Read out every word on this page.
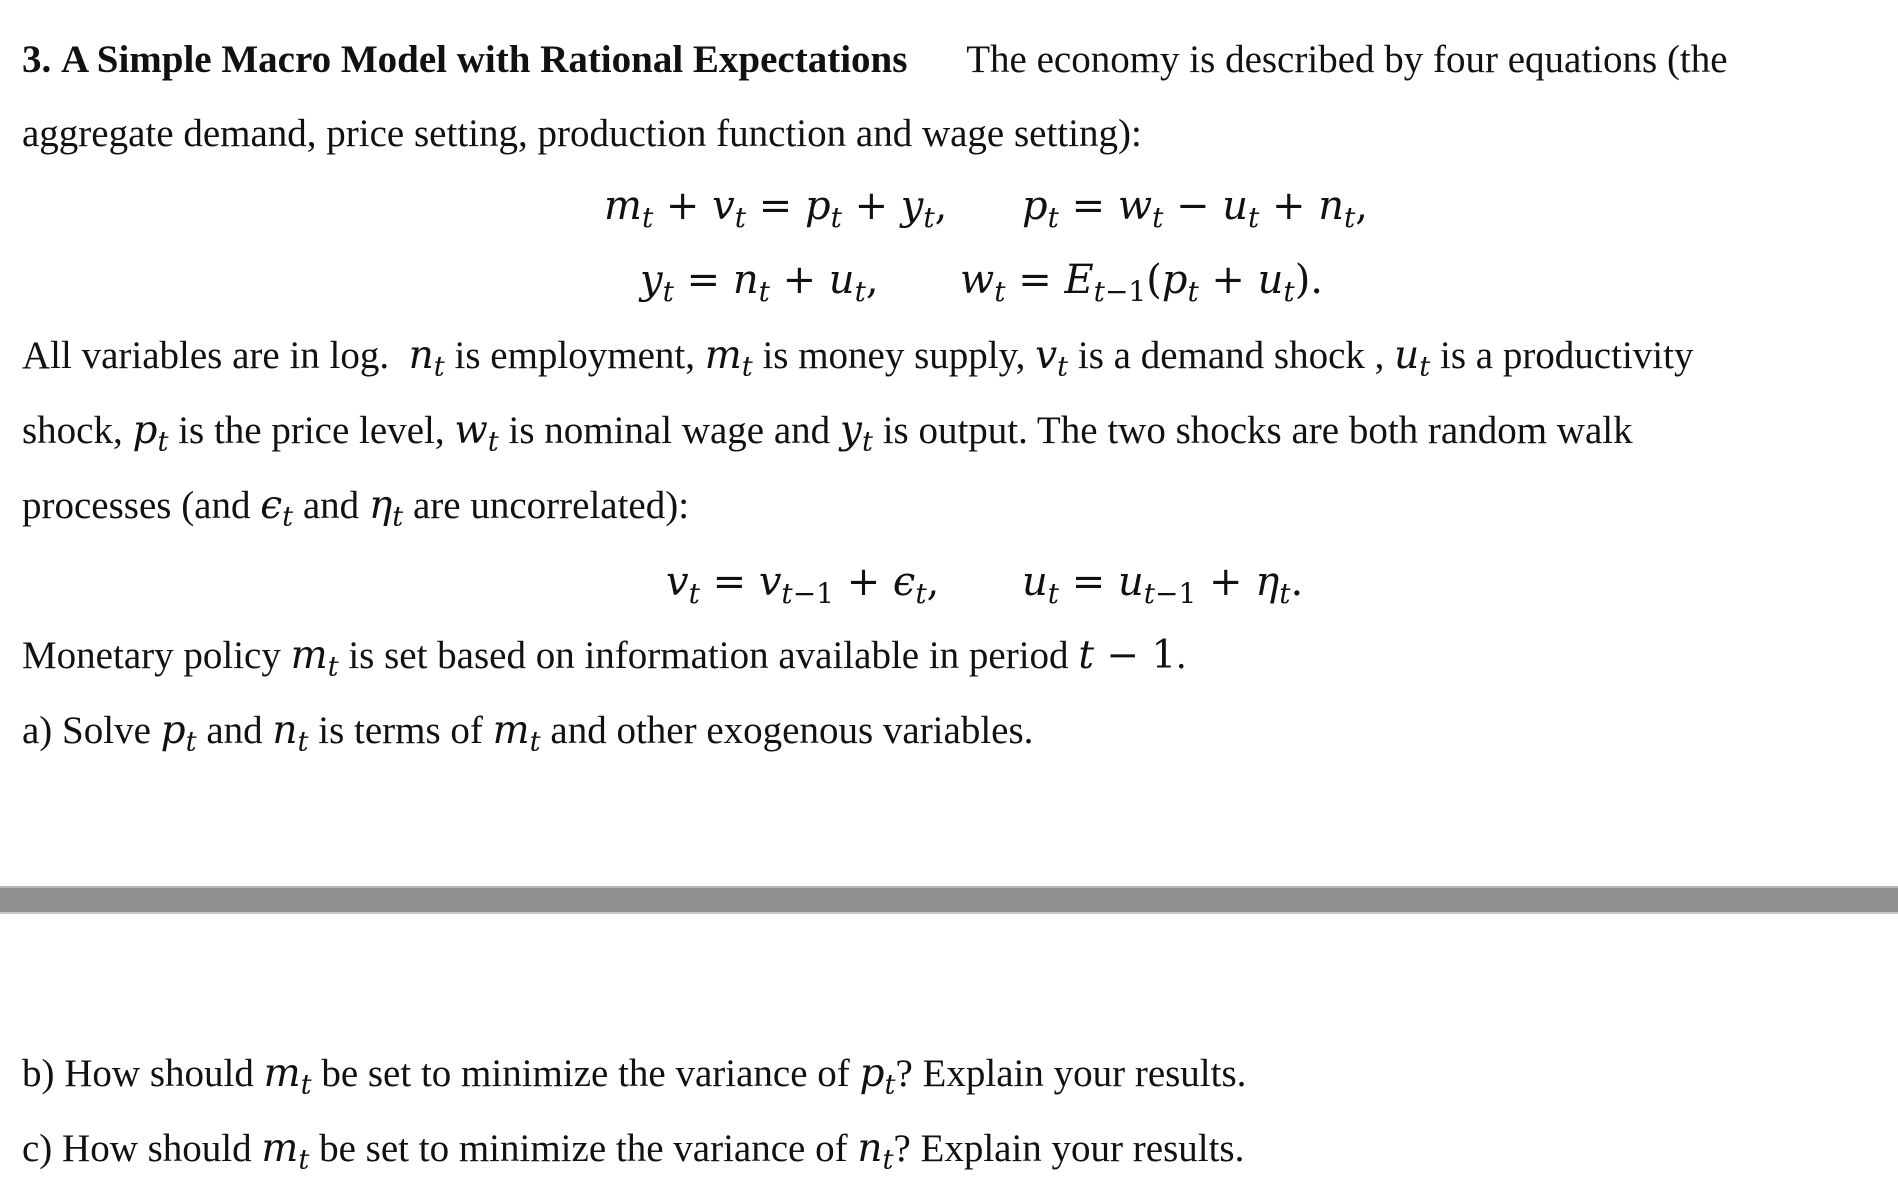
3. A Simple Macro Model with Rational Expectations The economy is described by four equations (the
aggregate demand, price setting, production function and wage setting):
$m_t + v_t = p_t + y_t$, $p_t = w_t - u_t + n_t$,
$y_t = n_t + u_t$, $w_t = E_{t-1}(p_t + u_t)$.
All variables are in log. $n_t$ is employment, $m_t$ is money supply, $v_t$ is a demand shock , $u_t$ is a productivity
shock, $p_t$ is the price level, $w_t$ is nominal wage and $y_t$ is output. The two shocks are both random walk
processes (and $\epsilon_t$ and $\eta_t$ are uncorrelated):
$v_t = v_{t-1} + \epsilon_t$, $u_t = u_{t-1} + \eta_t$.
Monetary policy $m_t$ is set based on information available in period t − 1.
a) Solve $p_t$ and $n_t$ is terms of $m_t$ and other exogenous variables.
b) How should $m_t$ be set to minimize the variance of $p_t$? Explain your results.
c) How should $m_t$ be set to minimize the variance of $n_t$? Explain your results.
